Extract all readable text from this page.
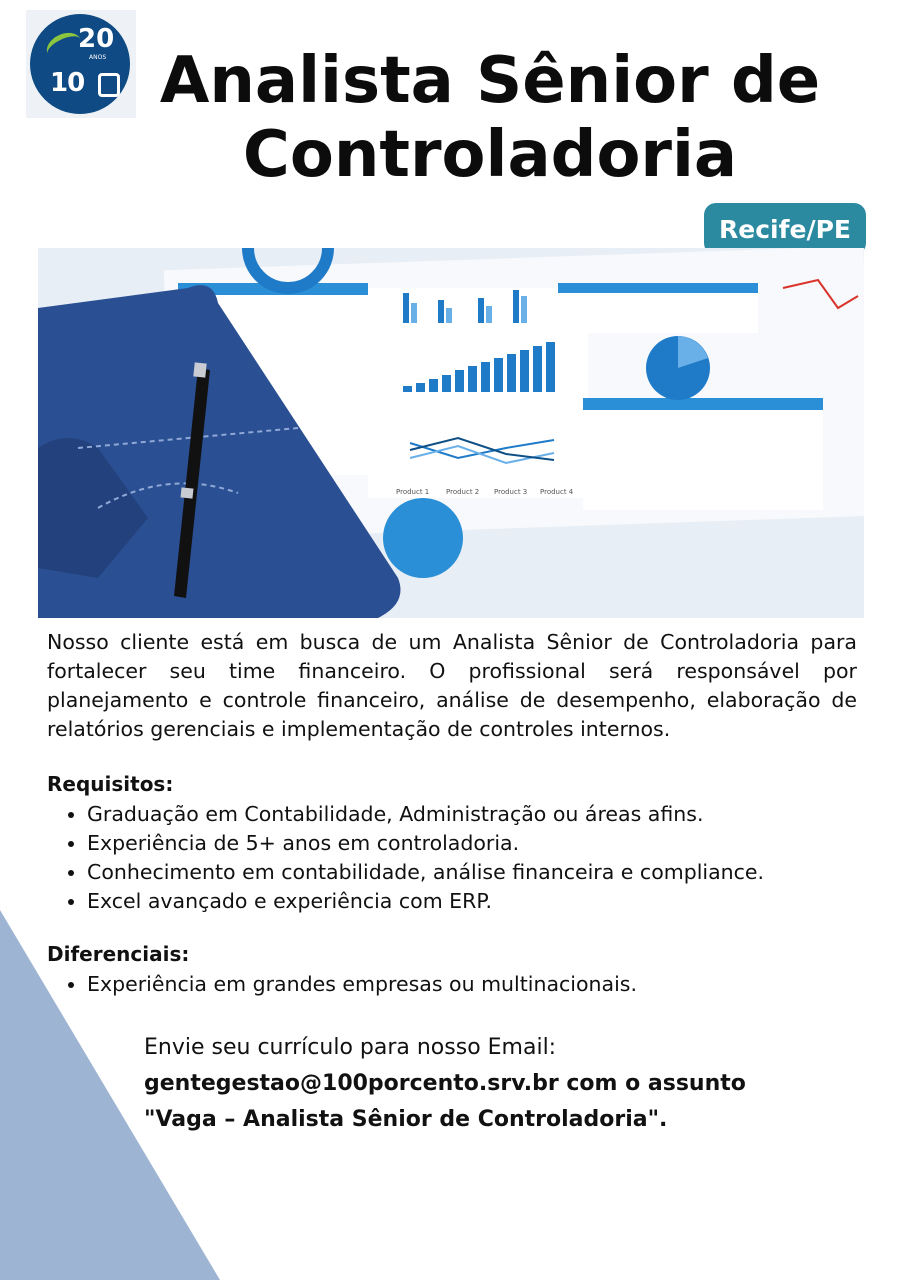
20
ANOS
10	Analista Sênior de
Controladoria
Recife/PE
Product 1 Product 2 Product 3 Product 4

Nosso cliente está em busca de um Analista Sênior de Controladoria para fortalecer seu time financeiro. O profissional será responsável por planejamento e controle financeiro, análise de desempenho, elaboração de relatórios gerenciais e implementação de controles internos.

Requisitos:
• Graduação em Contabilidade, Administração ou áreas afins.
• Experiência de 5+ anos em controladoria.
• Conhecimento em contabilidade, análise financeira e compliance.
• Excel avançado e experiência com ERP.
Diferenciais:
• Experiência em grandes empresas ou multinacionais.
Envie seu currículo para nosso Email:
gentegestao@100porcento.srv.br com o assunto
"Vaga – Analista Sênior de Controladoria".
